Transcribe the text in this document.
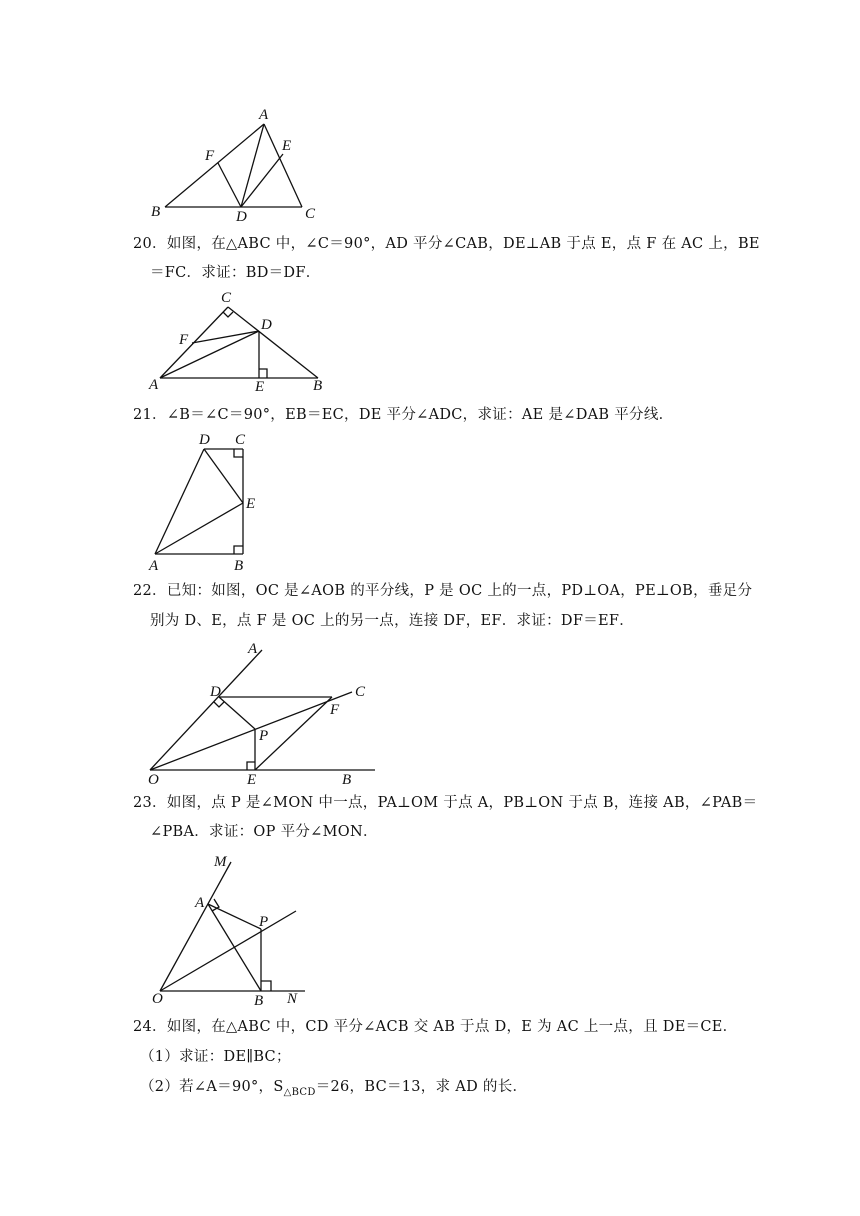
A
E
F
B	D	C
20．如图，在△ABC 中，∠C＝90°，AD 平分∠CAB，DE⊥AB 于点 E，点 F 在 AC 上，BE
＝FC．求证：BD＝DF．
C
D
F
A	E	B
21．∠B＝∠C＝90°，EB＝EC，DE 平分∠ADC，求证：AE 是∠DAB 平分线．
D C
E
A	B
22．已知：如图，OC 是∠AOB 的平分线，P 是 OC 上的一点，PD⊥OA，PE⊥OB，垂足分
别为 D、E，点 F 是 OC 上的另一点，连接 DF，EF．求证：DF＝EF．
A
D	C
F
P
O	E	B
23．如图，点 P 是∠MON 中一点，PA⊥OM 于点 A，PB⊥ON 于点 B，连接 AB，∠PAB＝
∠PBA．求证：OP 平分∠MON．
M
A
P
O	B N
24．如图，在△ABC 中，CD 平分∠ACB 交 AB 于点 D，E 为 AC 上一点，且 DE＝CE．
（1）求证：DE∥BC；
（2）若∠A＝90°，$S_{\triangle BCD}=26$，BC＝13，求 AD 的长．
